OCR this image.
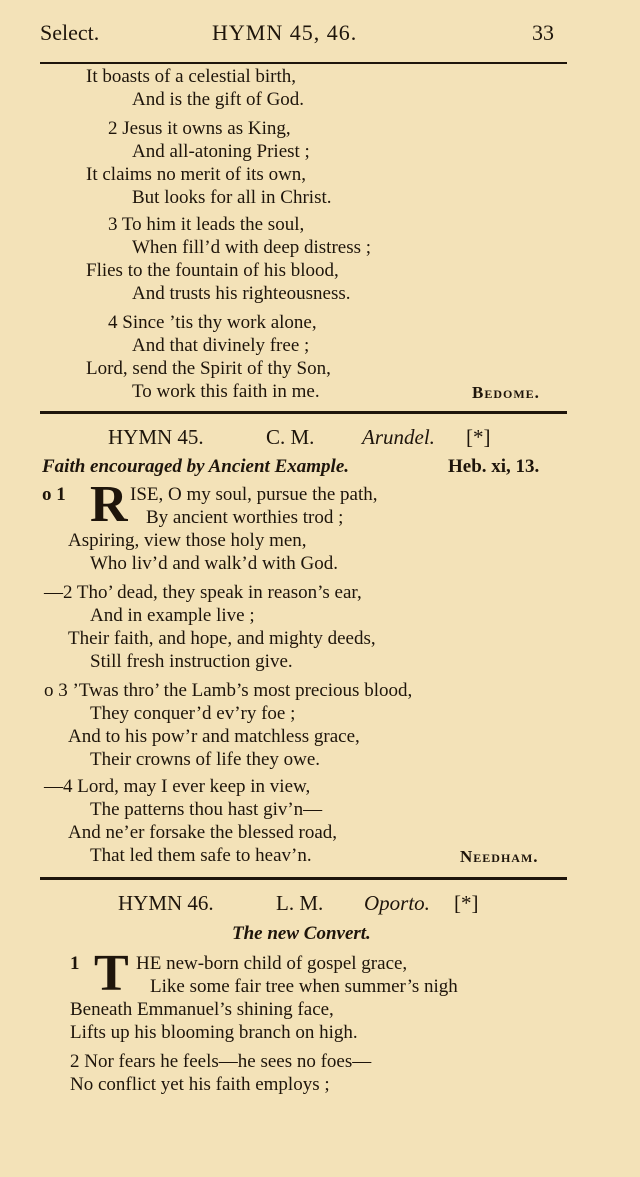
Select.	HYMN 45, 46.	33
It boasts of a celestial birth,
And is the gift of God.
2 Jesus it owns as King,
And all-atoning Priest ;
It claims no merit of its own,
But looks for all in Christ.
3 To him it leads the soul,
When fill’d with deep distress ;
Flies to the fountain of his blood,
And trusts his righteousness.
4 Since ’tis thy work alone,
And that divinely free ;
Lord, send the Spirit of thy Son,
To work this faith in me.	Bedome.
HYMN 45.	C. M. Arundel. [*]
Faith encouraged by Ancient Example.	Heb. xi, 13.
o 1 R ISE, O my soul, pursue the path,
By ancient worthies trod ;
Aspiring, view those holy men,
Who liv’d and walk’d with God.
—2 Tho’ dead, they speak in reason’s ear,
And in example live ;
Their faith, and hope, and mighty deeds,
Still fresh instruction give.
o 3 ’Twas thro’ the Lamb’s most precious blood,
They conquer’d ev’ry foe ;
And to his pow’r and matchless grace,
Their crowns of life they owe.
—4 Lord, may I ever keep in view,
The patterns thou hast giv’n—
And ne’er forsake the blessed road,
That led them safe to heav’n.	Needham.
HYMN 46.	L. M. Oporto. [*]
The new Convert.
1 T HE new-born child of gospel grace,
Like some fair tree when summer’s nigh
Beneath Emmanuel’s shining face,
Lifts up his blooming branch on high.
2 Nor fears he feels—he sees no foes—
No conflict yet his faith employs ;
